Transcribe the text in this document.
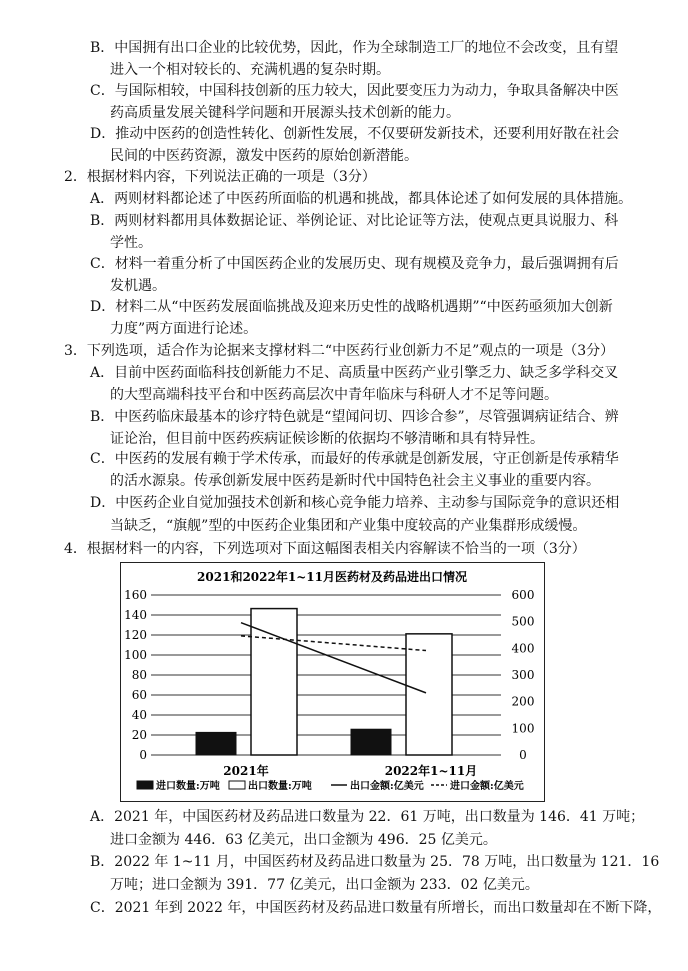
B．中国拥有出口企业的比较优势，因此，作为全球制造工厂的地位不会改变，且有望
进入一个相对较长的、充满机遇的复杂时期。
C．与国际相较，中国科技创新的压力较大，因此要变压力为动力，争取具备解决中医
药高质量发展关键科学问题和开展源头技术创新的能力。
D．推动中医药的创造性转化、创新性发展，不仅要研发新技术，还要利用好散在社会
民间的中医药资源，激发中医药的原始创新潜能。
2．根据材料内容，下列说法正确的一项是（3分）
A．两则材料都论述了中医药所面临的机遇和挑战，都具体论述了如何发展的具体措施。
B．两则材料都用具体数据论证、举例论证、对比论证等方法，使观点更具说服力、科
学性。
C．材料一着重分析了中国医药企业的发展历史、现有规模及竞争力，最后强调拥有后
发机遇。
D．材料二从“中医药发展面临挑战及迎来历史性的战略机遇期”“中医药亟须加大创新
力度”两方面进行论述。
3．下列选项，适合作为论据来支撑材料二“中医药行业创新力不足”观点的一项是（3分）
A．目前中医药面临科技创新能力不足、高质量中医药产业引擎乏力、缺乏多学科交叉
的大型高端科技平台和中医药高层次中青年临床与科研人才不足等问题。
B．中医药临床最基本的诊疗特色就是“望闻问切、四诊合参”，尽管强调病证结合、辨
证论治，但目前中医药疾病证候诊断的依据均不够清晰和具有特异性。
C．中医药的发展有赖于学术传承，而最好的传承就是创新发展，守正创新是传承精华
的活水源泉。传承创新发展中医药是新时代中国特色社会主义事业的重要内容。
D．中医药企业自觉加强技术创新和核心竞争能力培养、主动参与国际竞争的意识还相
当缺乏，“旗舰”型的中医药企业集团和产业集中度较高的产业集群形成缓慢。
4．根据材料一的内容，下列选项对下面这幅图表相关内容解读不恰当的一项（3分）
2021和2022年1~11月医药材及药品进出口情况
0
20
40
60
80
100
120
140
160
0
100
200
300
400
500
600
2021年	2022年1~11月
进口数量:万吨	出口数量:万吨	出口金额:亿美元	进口金额:亿美元
A．2021 年，中国医药材及药品进口数量为 22．61 万吨，出口数量为 146．41 万吨；
进口金额为 446．63 亿美元，出口金额为 496．25 亿美元。
B．2022 年 1~11 月，中国医药材及药品进口数量为 25．78 万吨，出口数量为 121．16
万吨；进口金额为 391．77 亿美元，出口金额为 233．02 亿美元。
C．2021 年到 2022 年，中国医药材及药品进口数量有所增长，而出口数量却在不断下降，
